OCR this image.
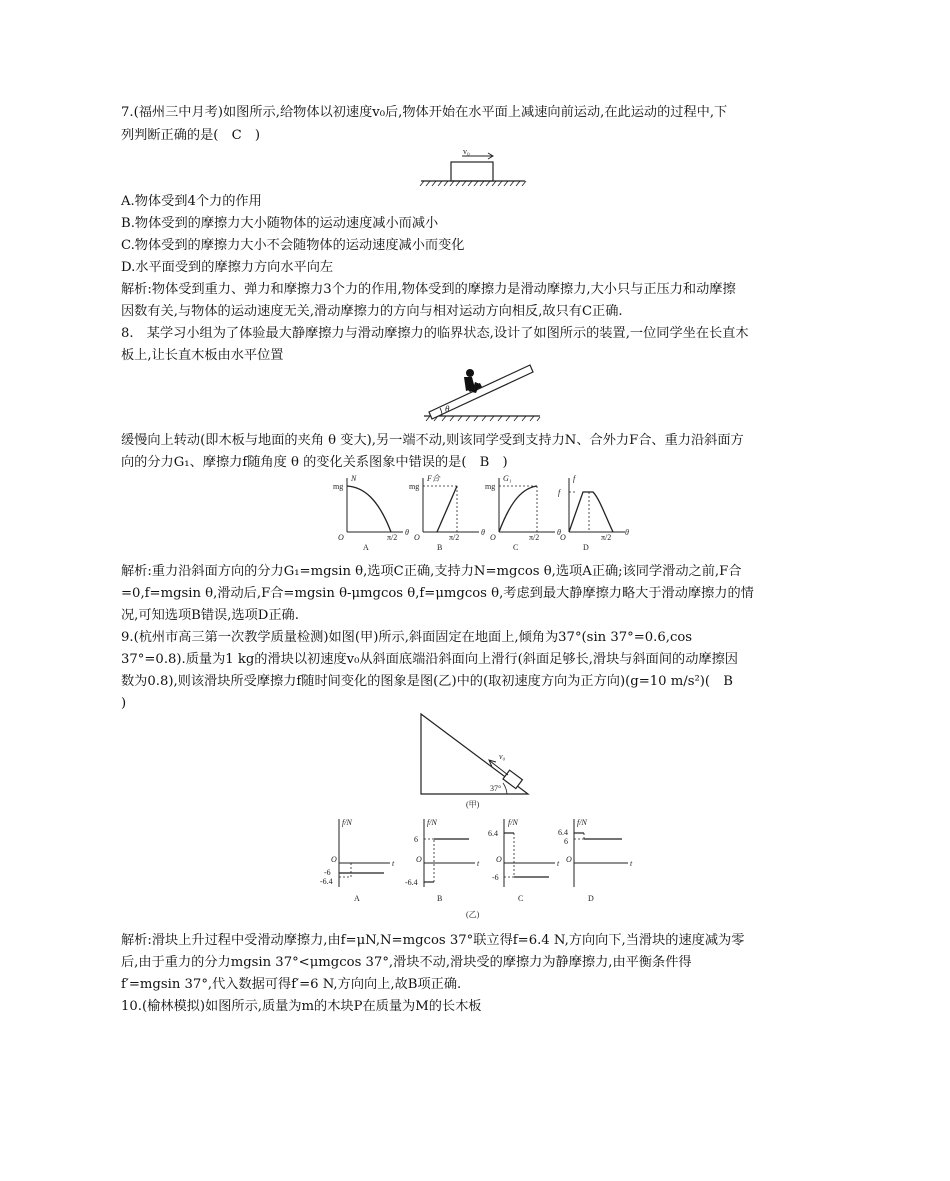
7.(福州三中月考)如图所示,给物体以初速度v₀后,物体开始在水平面上减速向前运动,在此运动的过程中,下
列判断正确的是(　C　)
v₀
A.物体受到4个力的作用
B.物体受到的摩擦力大小随物体的运动速度减小而减小
C.物体受到的摩擦力大小不会随物体的运动速度减小而变化
D.水平面受到的摩擦力方向水平向左
解析:物体受到重力、弹力和摩擦力3个力的作用,物体受到的摩擦力是滑动摩擦力,大小只与正压力和动摩擦
因数有关,与物体的运动速度无关,滑动摩擦力的方向与相对运动方向相反,故只有C正确.
8.　某学习小组为了体验最大静摩擦力与滑动摩擦力的临界状态,设计了如图所示的装置,一位同学坐在长直木
板上,让长直木板由水平位置
θ
缓慢向上转动(即木板与地面的夹角 θ 变大),另一端不动,则该同学受到支持力N、合外力F合、重力沿斜面方
向的分力G₁、摩擦力f随角度 θ 的变化关系图象中错误的是(　B　)
mg
N
O
θ
π/2
A
mg
F合
O
θ
π/2
B
mg
G₁
O
θ
π/2
C
f
f
O
θ
π/2
D
解析:重力沿斜面方向的分力G₁=mgsin θ,选项C正确,支持力N=mgcos θ,选项A正确;该同学滑动之前,F合
=0,f=mgsin θ,滑动后,F合=mgsin θ-μmgcos θ,f=μmgcos θ,考虑到最大静摩擦力略大于滑动摩擦力的情
况,可知选项B错误,选项D正确.
9.(杭州市高三第一次教学质量检测)如图(甲)所示,斜面固定在地面上,倾角为37°(sin 37°=0.6,cos
37°=0.8).质量为1 kg的滑块以初速度v₀从斜面底端沿斜面向上滑行(斜面足够长,滑块与斜面间的动摩擦因
数为0.8),则该滑块所受摩擦力f随时间变化的图象是图(乙)中的(取初速度方向为正方向)(g=10 m/s²)(　B
)
v₀
37°
(甲)
f/N
O	t
-6
-6.4
A
f/N
O	t
6
-6.4
B
f/N
O	t
6.4
-6
C
f/N
O	t
6.4
6
D
(乙)
解析:滑块上升过程中受滑动摩擦力,由f=μN,N=mgcos 37°联立得f=6.4 N,方向向下,当滑块的速度减为零
后,由于重力的分力mgsin 37°<μmgcos 37°,滑块不动,滑块受的摩擦力为静摩擦力,由平衡条件得
f′=mgsin 37°,代入数据可得f′=6 N,方向向上,故B项正确.
10.(榆林模拟)如图所示,质量为m的木块P在质量为M的长木板
